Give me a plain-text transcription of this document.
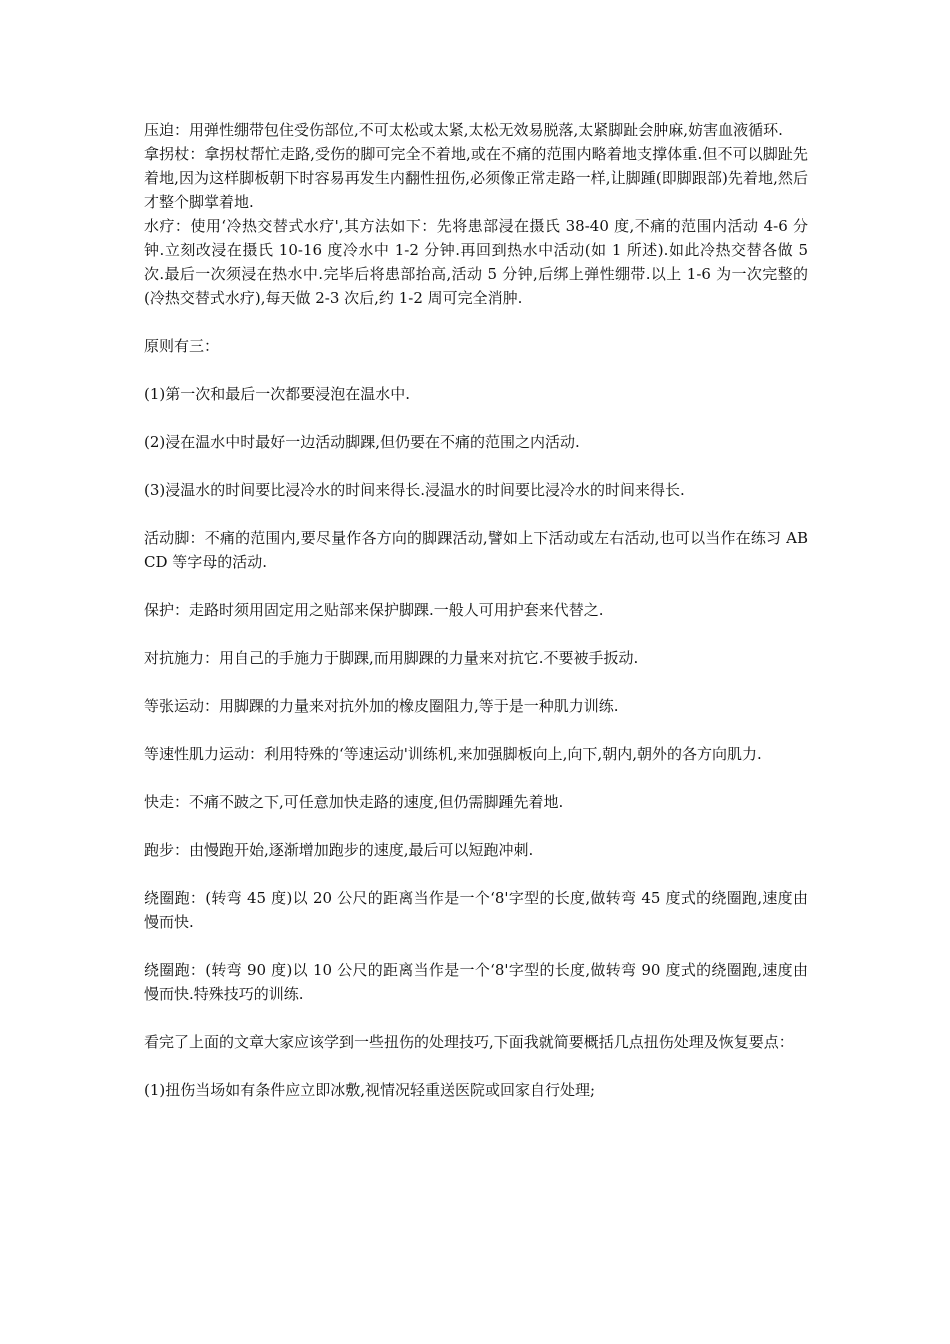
压迫：用弹性绷带包住受伤部位,不可太松或太紧,太松无效易脱落,太紧脚趾会肿麻,妨害血液循环.

拿拐杖：拿拐杖帮忙走路,受伤的脚可完全不着地,或在不痛的范围内略着地支撑体重.但不可以脚趾先着地,因为这样脚板朝下时容易再发生内翻性扭伤,必须像正常走路一样,让脚踵(即脚跟部)先着地,然后才整个脚掌着地.

水疗：使用‘冷热交替式水疗',其方法如下：先将患部浸在摄氏 38-40 度,不痛的范围内活动 4-6 分钟.立刻改浸在摄氏 10-16 度冷水中 1-2 分钟.再回到热水中活动(如 1 所述).如此冷热交替各做 5 次.最后一次须浸在热水中.完毕后将患部抬高,活动 5 分钟,后绑上弹性绷带.以上 1-6 为一次完整的(冷热交替式水疗),每天做 2-3 次后,约 1-2 周可完全消肿.

原则有三：

(1)第一次和最后一次都要浸泡在温水中.

(2)浸在温水中时最好一边活动脚踝,但仍要在不痛的范围之内活动.

(3)浸温水的时间要比浸冷水的时间来得长.浸温水的时间要比浸冷水的时间来得长.

活动脚：不痛的范围内,要尽量作各方向的脚踝活动,譬如上下活动或左右活动,也可以当作在练习 ABCD 等字母的活动.

保护：走路时须用固定用之贴部来保护脚踝.一般人可用护套来代替之.

对抗施力：用自己的手施力于脚踝,而用脚踝的力量来对抗它.不要被手扳动.

等张运动：用脚踝的力量来对抗外加的橡皮圈阻力,等于是一种肌力训练.

等速性肌力运动：利用特殊的‘等速运动'训练机,来加强脚板向上,向下,朝内,朝外的各方向肌力.

快走：不痛不跛之下,可任意加快走路的速度,但仍需脚踵先着地.

跑步：由慢跑开始,逐渐增加跑步的速度,最后可以短跑冲刺.

绕圈跑：(转弯 45 度)以 20 公尺的距离当作是一个‘8'字型的长度,做转弯 45 度式的绕圈跑,速度由慢而快.

绕圈跑：(转弯 90 度)以 10 公尺的距离当作是一个‘8'字型的长度,做转弯 90 度式的绕圈跑,速度由慢而快.特殊技巧的训练.

看完了上面的文章大家应该学到一些扭伤的处理技巧,下面我就简要概括几点扭伤处理及恢复要点：

(1)扭伤当场如有条件应立即冰敷,视情况轻重送医院或回家自行处理;
